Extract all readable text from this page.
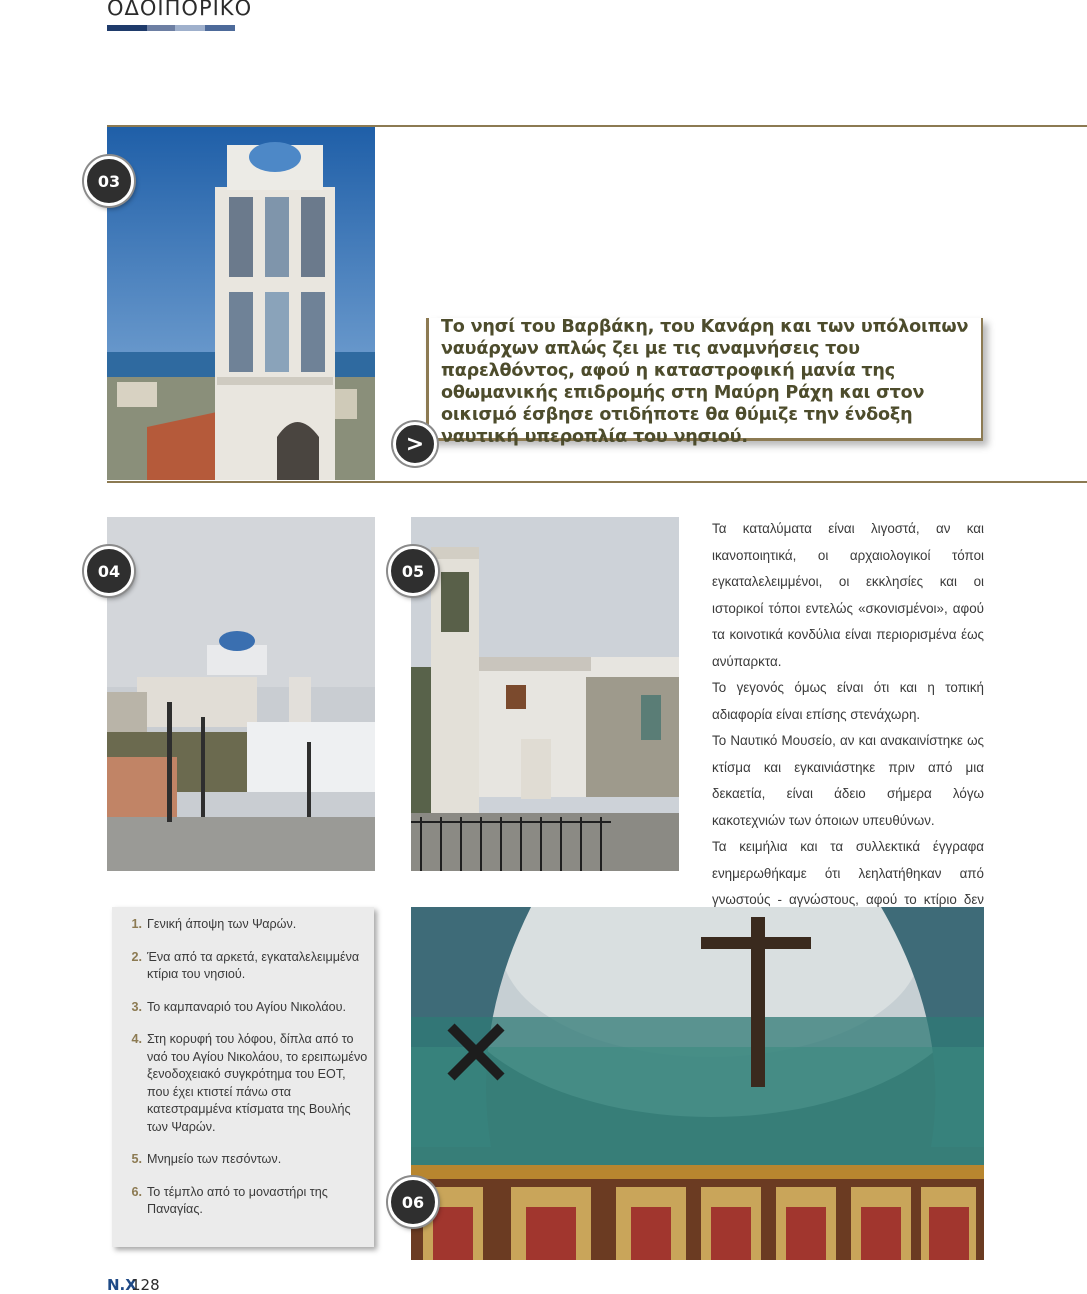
ΟΔΟΙΠΟΡΙΚΟ
03
Το νησί του Βαρβάκη, του Κανάρη και των υπόλοιπων ναυάρχων απλώς ζει με τις αναμνήσεις του παρελθόντος, αφού η καταστροφική μανία της οθωμανικής επιδρομής στη Μαύρη Ράχη και στον οικισμό έσβησε οτιδήποτε θα θύμιζε την ένδοξη ναυτική υπεροπλία του νησιού.
>
04	05

Τα καταλύματα είναι λιγοστά, αν και ικανοποιητικά, οι αρχαιολογικοί τόποι εγκαταλελειμμένοι, οι εκκλησίες και οι ιστορικοί τόποι εντελώς «σκονισμένοι», αφού τα κοινοτικά κονδύλια είναι περιορισμένα έως ανύπαρκτα.

Το γεγονός όμως είναι ότι και η τοπική αδιαφορία είναι επίσης στενάχωρη.

Το Ναυτικό Μουσείο, αν και ανακαινίστηκε ως κτίσμα και εγκαινιάστηκε πριν από μια δεκαετία, είναι άδειο σήμερα λόγω κακοτεχνιών των όποιων υπευθύνων.

Τα κειμήλια και τα συλλεκτικά έγγραφα ενημερωθήκαμε ότι λεηλατήθηκαν από γνωστούς - αγνώστους, αφού το κτίριο δεν

1. Γενική άποψη των Ψαρών.
2. Ένα από τα αρκετά, εγκαταλελειμμένα κτίρια του νησιού.
3. Το καμπαναριό του Αγίου Νικολάου.
4. Στη κορυφή του λόφου, δίπλα από το ναό του Αγίου Νικολάου, το ερειπωμένο ξενοδοχειακό συγκρότημα του ΕΟΤ, που έχει κτιστεί πάνω στα κατεστραμμένα κτίσματα της Βουλής των Ψαρών.
5. Μνημείο των πεσόντων.
6. Το τέμπλο από το μοναστήρι της Παναγίας.	06
N.X
128
